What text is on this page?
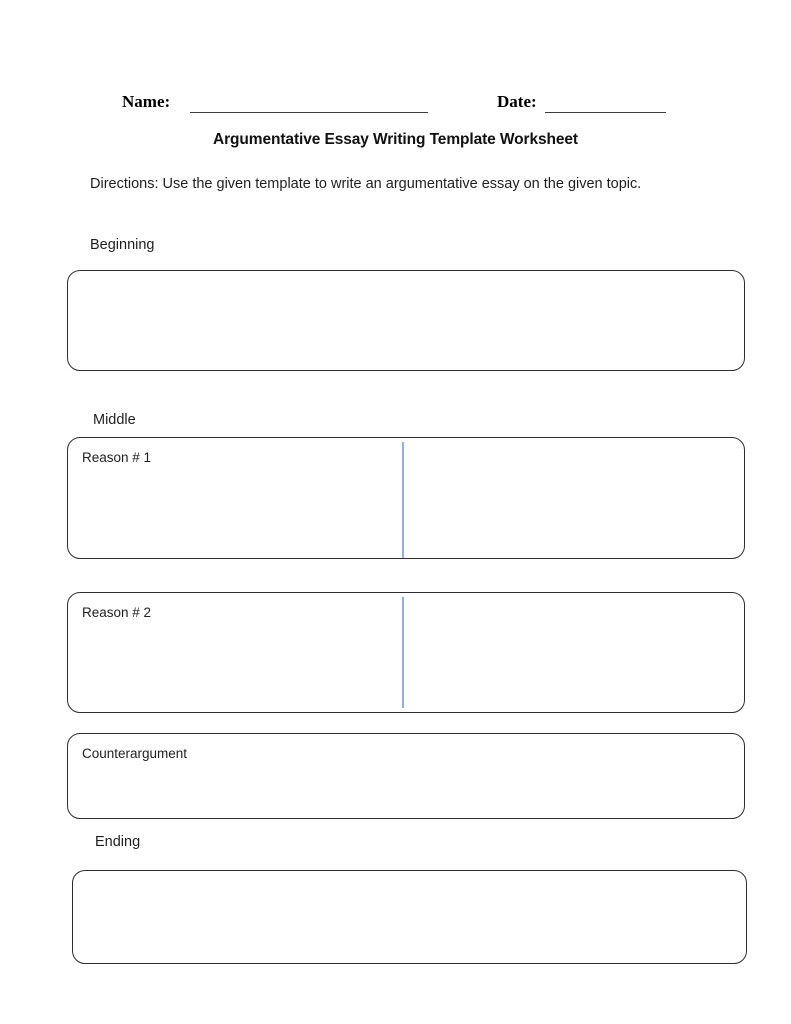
Name:	Date:
Argumentative Essay Writing Template Worksheet
Directions: Use the given template to write an argumentative essay on the given topic.
Beginning
Middle
Reason # 1
Reason # 2
Counterargument
Ending
